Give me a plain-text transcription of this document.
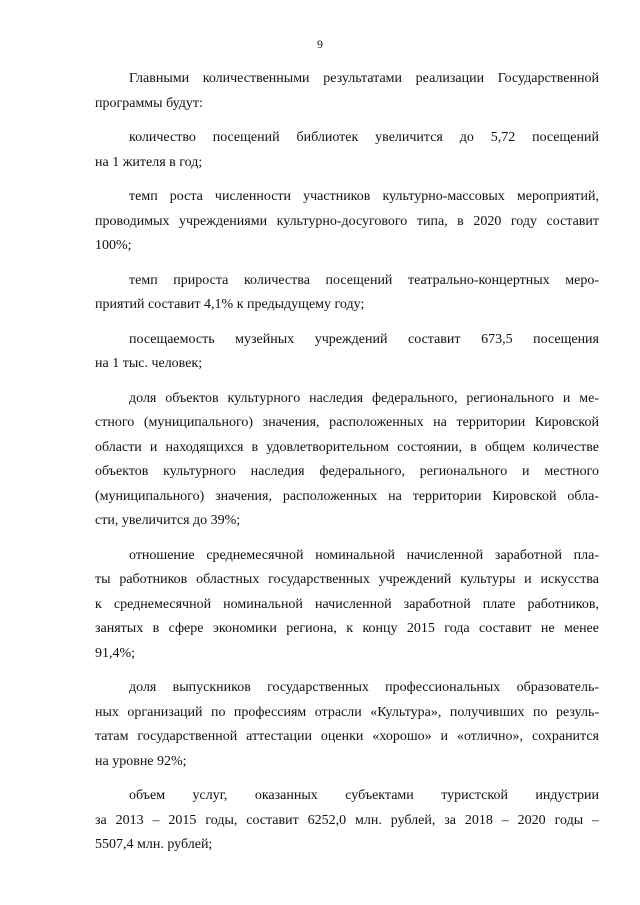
9
Главными количественными результатами реализации Государственной
программы будут:
количество посещений библиотек увеличится до 5,72 посещений
на 1 жителя в год;
темп роста численности участников культурно-массовых мероприятий,
проводимых учреждениями культурно-досугового типа, в 2020 году составит
100%;
темп прироста количества посещений театрально-концертных меро-
приятий составит 4,1% к предыдущему году;
посещаемость музейных учреждений составит 673,5 посещения
на 1 тыс. человек;
доля объектов культурного наследия федерального, регионального и ме-
стного (муниципального) значения, расположенных на территории Кировской
области и находящихся в удовлетворительном состоянии, в общем количестве
объектов культурного наследия федерального, регионального и местного
(муниципального) значения, расположенных на территории Кировской обла-
сти, увеличится до 39%;
отношение среднемесячной номинальной начисленной заработной пла-
ты работников областных государственных учреждений культуры и искусства
к среднемесячной номинальной начисленной заработной плате работников,
занятых в сфере экономики региона, к концу 2015 года составит не менее
91,4%;
доля выпускников государственных профессиональных образователь-
ных организаций по профессиям отрасли «Культура», получивших по резуль-
татам государственной аттестации оценки «хорошо» и «отлично», сохранится
на уровне 92%;
объем услуг, оказанных субъектами туристской индустрии
за 2013 – 2015 годы, составит 6252,0 млн. рублей, за 2018 – 2020 годы –
5507,4 млн. рублей;
